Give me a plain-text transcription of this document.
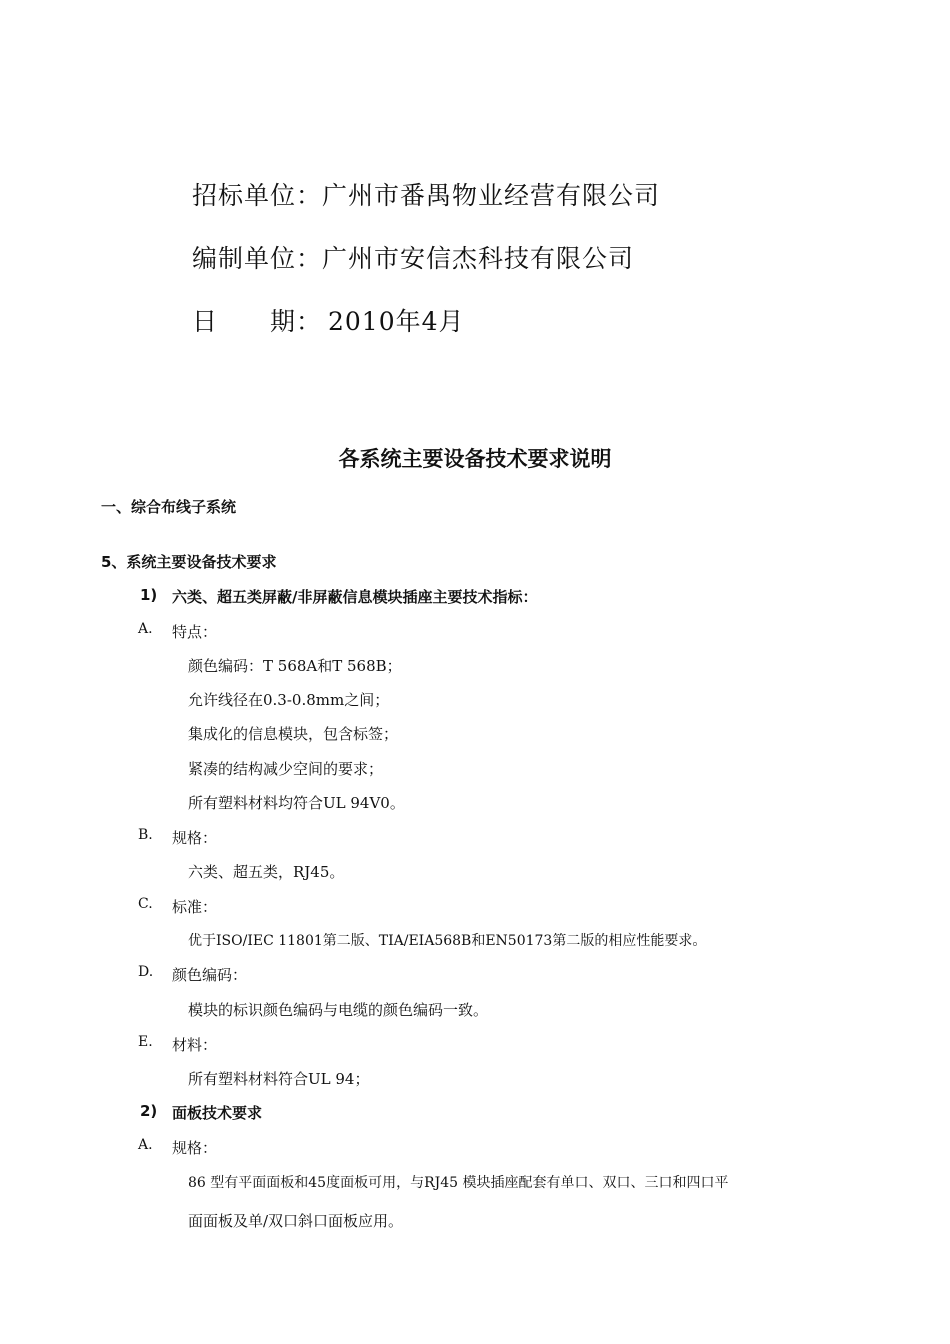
招标单位：广州市番禺物业经营有限公司
编制单位：广州市安信杰科技有限公司
日　　期： 2010年4月
各系统主要设备技术要求说明
一、综合布线子系统
5、系统主要设备技术要求
1) 六类、超五类屏蔽/非屏蔽信息模块插座主要技术指标：
A. 特点：
颜色编码：T 568A和T 568B；
允许线径在0.3-0.8mm之间；
集成化的信息模块，包含标签；
紧凑的结构减少空间的要求；
所有塑料材料均符合UL 94V0。
B. 规格：
六类、超五类，RJ45。
C. 标准：
优于ISO/IEC 11801第二版、TIA/EIA568B和EN50173第二版的相应性能要求。
D. 颜色编码：
模块的标识颜色编码与电缆的颜色编码一致。
E. 材料：
所有塑料材料符合UL 94；
2) 面板技术要求
A. 规格：
86 型有平面面板和45度面板可用，与RJ45 模块插座配套有单口、双口、三口和四口平
面面板及单/双口斜口面板应用。
